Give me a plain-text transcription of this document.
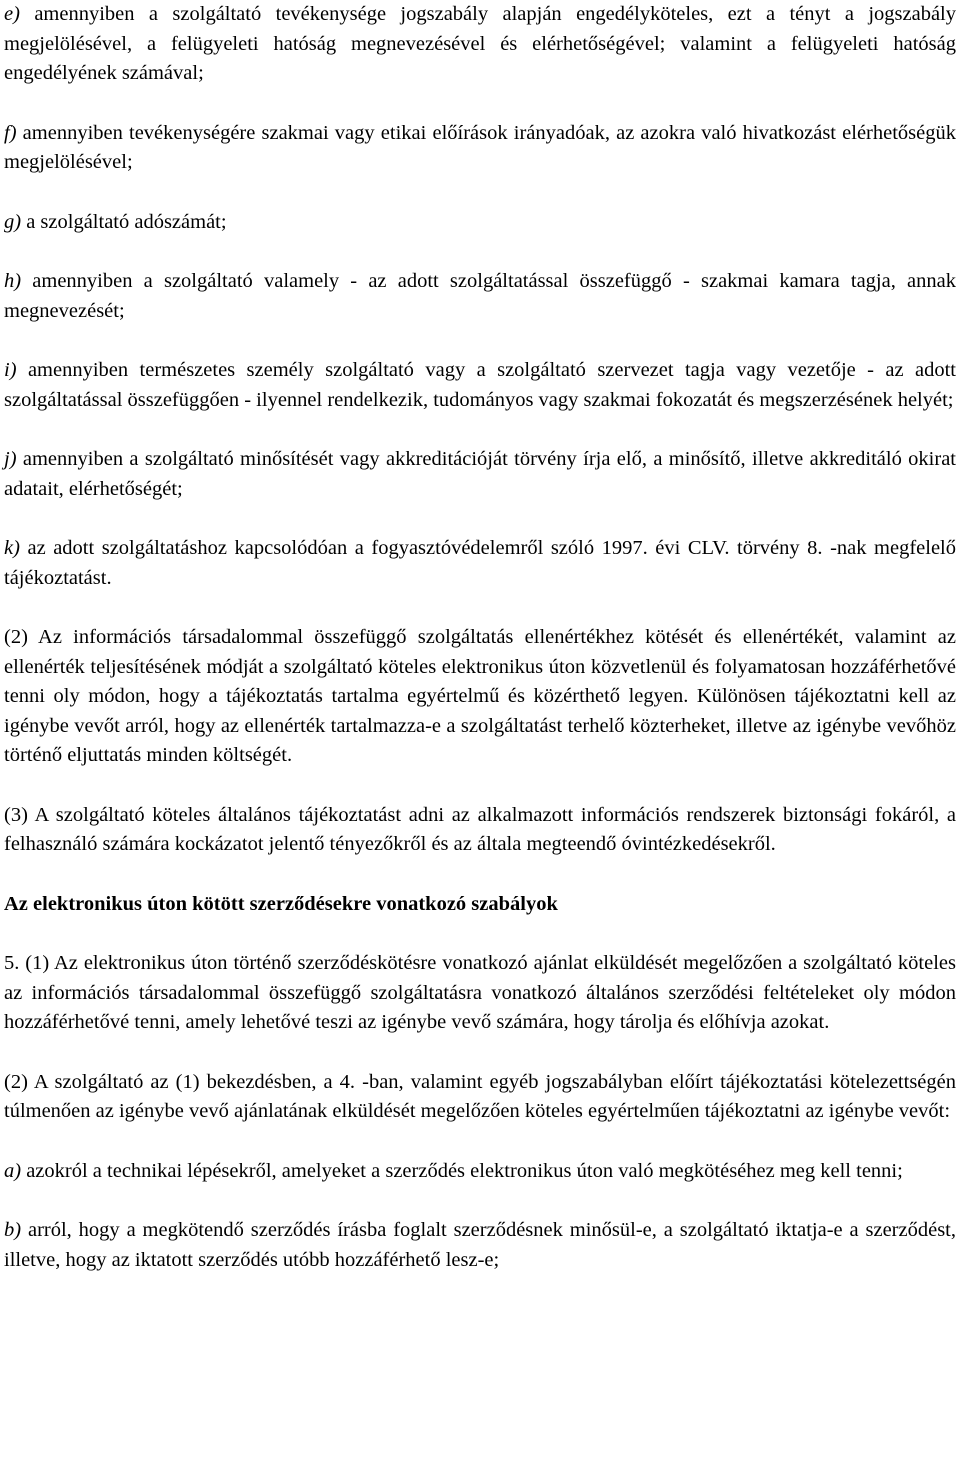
e) amennyiben a szolgáltató tevékenysége jogszabály alapján engedélyköteles, ezt a tényt a jogszabály megjelölésével, a felügyeleti hatóság megnevezésével és elérhetőségével; valamint a felügyeleti hatóság engedélyének számával;

f) amennyiben tevékenységére szakmai vagy etikai előírások irányadóak, az azokra való hivatkozást elérhetőségük megjelölésével;

g) a szolgáltató adószámát;

h) amennyiben a szolgáltató valamely - az adott szolgáltatással összefüggő - szakmai kamara tagja, annak megnevezését;

i) amennyiben természetes személy szolgáltató vagy a szolgáltató szervezet tagja vagy vezetője - az adott szolgáltatással összefüggően - ilyennel rendelkezik, tudományos vagy szakmai fokozatát és megszerzésének helyét;

j) amennyiben a szolgáltató minősítését vagy akkreditációját törvény írja elő, a minősítő, illetve akkreditáló okirat adatait, elérhetőségét;

k) az adott szolgáltatáshoz kapcsolódóan a fogyasztóvédelemről szóló 1997. évi CLV. törvény 8. -nak megfelelő tájékoztatást.

(2) Az információs társadalommal összefüggő szolgáltatás ellenértékhez kötését és ellenértékét, valamint az ellenérték teljesítésének módját a szolgáltató köteles elektronikus úton közvetlenül és folyamatosan hozzáférhetővé tenni oly módon, hogy a tájékoztatás tartalma egyértelmű és közérthető legyen. Különösen tájékoztatni kell az igénybe vevőt arról, hogy az ellenérték tartalmazza-e a szolgáltatást terhelő közterheket, illetve az igénybe vevőhöz történő eljuttatás minden költségét.

(3) A szolgáltató köteles általános tájékoztatást adni az alkalmazott információs rendszerek biztonsági fokáról, a felhasználó számára kockázatot jelentő tényezőkről és az általa megteendő óvintézkedésekről.

Az elektronikus úton kötött szerződésekre vonatkozó szabályok

5. (1) Az elektronikus úton történő szerződéskötésre vonatkozó ajánlat elküldését megelőzően a szolgáltató köteles az információs társadalommal összefüggő szolgáltatásra vonatkozó általános szerződési feltételeket oly módon hozzáférhetővé tenni, amely lehetővé teszi az igénybe vevő számára, hogy tárolja és előhívja azokat.

(2) A szolgáltató az (1) bekezdésben, a 4. -ban, valamint egyéb jogszabályban előírt tájékoztatási kötelezettségén túlmenően az igénybe vevő ajánlatának elküldését megelőzően köteles egyértelműen tájékoztatni az igénybe vevőt:

a) azokról a technikai lépésekről, amelyeket a szerződés elektronikus úton való megkötéséhez meg kell tenni;

b) arról, hogy a megkötendő szerződés írásba foglalt szerződésnek minősül-e, a szolgáltató iktatja-e a szerződést, illetve, hogy az iktatott szerződés utóbb hozzáférhető lesz-e;
